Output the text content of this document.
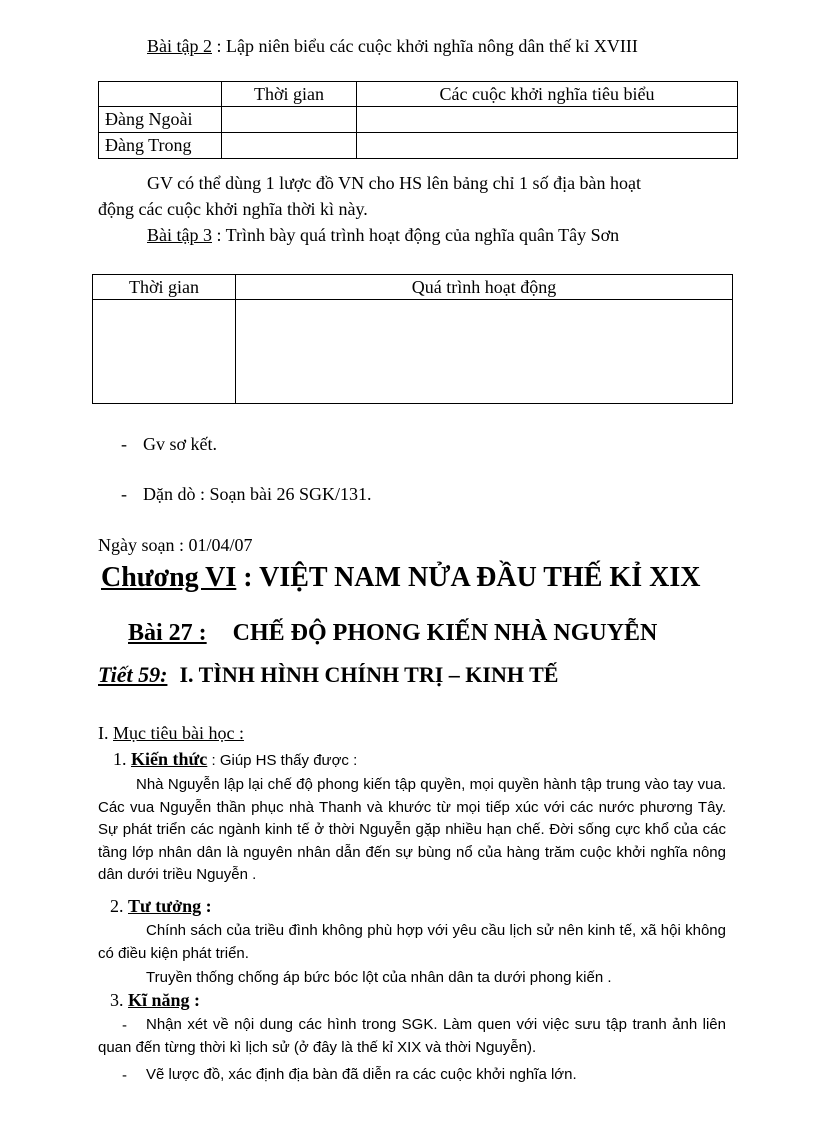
Bài tập 2 : Lập niên biểu các cuộc khởi nghĩa nông dân thế kỉ XVIII
	Thời gian	Các cuộc khởi nghĩa tiêu biểu
Đàng Ngoài		
Đàng Trong		
GV có thể dùng 1 lược đồ VN cho HS lên bảng chỉ 1 số địa bàn hoạt
động các cuộc khởi nghĩa thời kì này.
Bài tập 3 : Trình bày quá trình hoạt động của nghĩa quân Tây Sơn
Thời gian	Quá trình hoạt động

- Gv sơ kết.
- Dặn dò : Soạn bài 26 SGK/131.
Ngày soạn : 01/04/07
Chương VI : VIỆT NAM NỬA ĐẦU THẾ KỈ XIX
Bài 27 : CHẾ ĐỘ PHONG KIẾN NHÀ NGUYỄN
Tiết 59: I. TÌNH HÌNH CHÍNH TRỊ – KINH TẾ
I. Mục tiêu bài học :
1. Kiến thức : Giúp HS thấy được :
Nhà Nguyễn lập lại chế độ phong kiến tập quyền, mọi quyền hành tập trung vào tay vua. Các vua Nguyễn thần phục nhà Thanh và khước từ mọi tiếp xúc với các nước phương Tây. Sự phát triển các ngành kinh tế ở thời Nguyễn gặp nhiều hạn chế. Đời sống cực khổ của các tầng lớp nhân dân là nguyên nhân dẫn đến sự bùng nổ của hàng trăm cuộc khởi nghĩa nông dân dưới triều Nguyễn .
2. Tư tưởng :
Chính sách của triều đình không phù hợp với yêu cầu lịch sử nên kinh tế, xã hội không có điều kiện phát triển.
Truyền thống chống áp bức bóc lột của nhân dân ta dưới phong kiến .
3. Kĩ năng :
-	Nhận xét về nội dung các hình trong SGK. Làm quen với việc sưu tập tranh ảnh liên quan đến từng thời kì lịch sử (ở đây là thế kỉ XIX và thời Nguyễn).
- Vẽ lược đồ, xác định địa bàn đã diễn ra các cuộc khởi nghĩa lớn.
